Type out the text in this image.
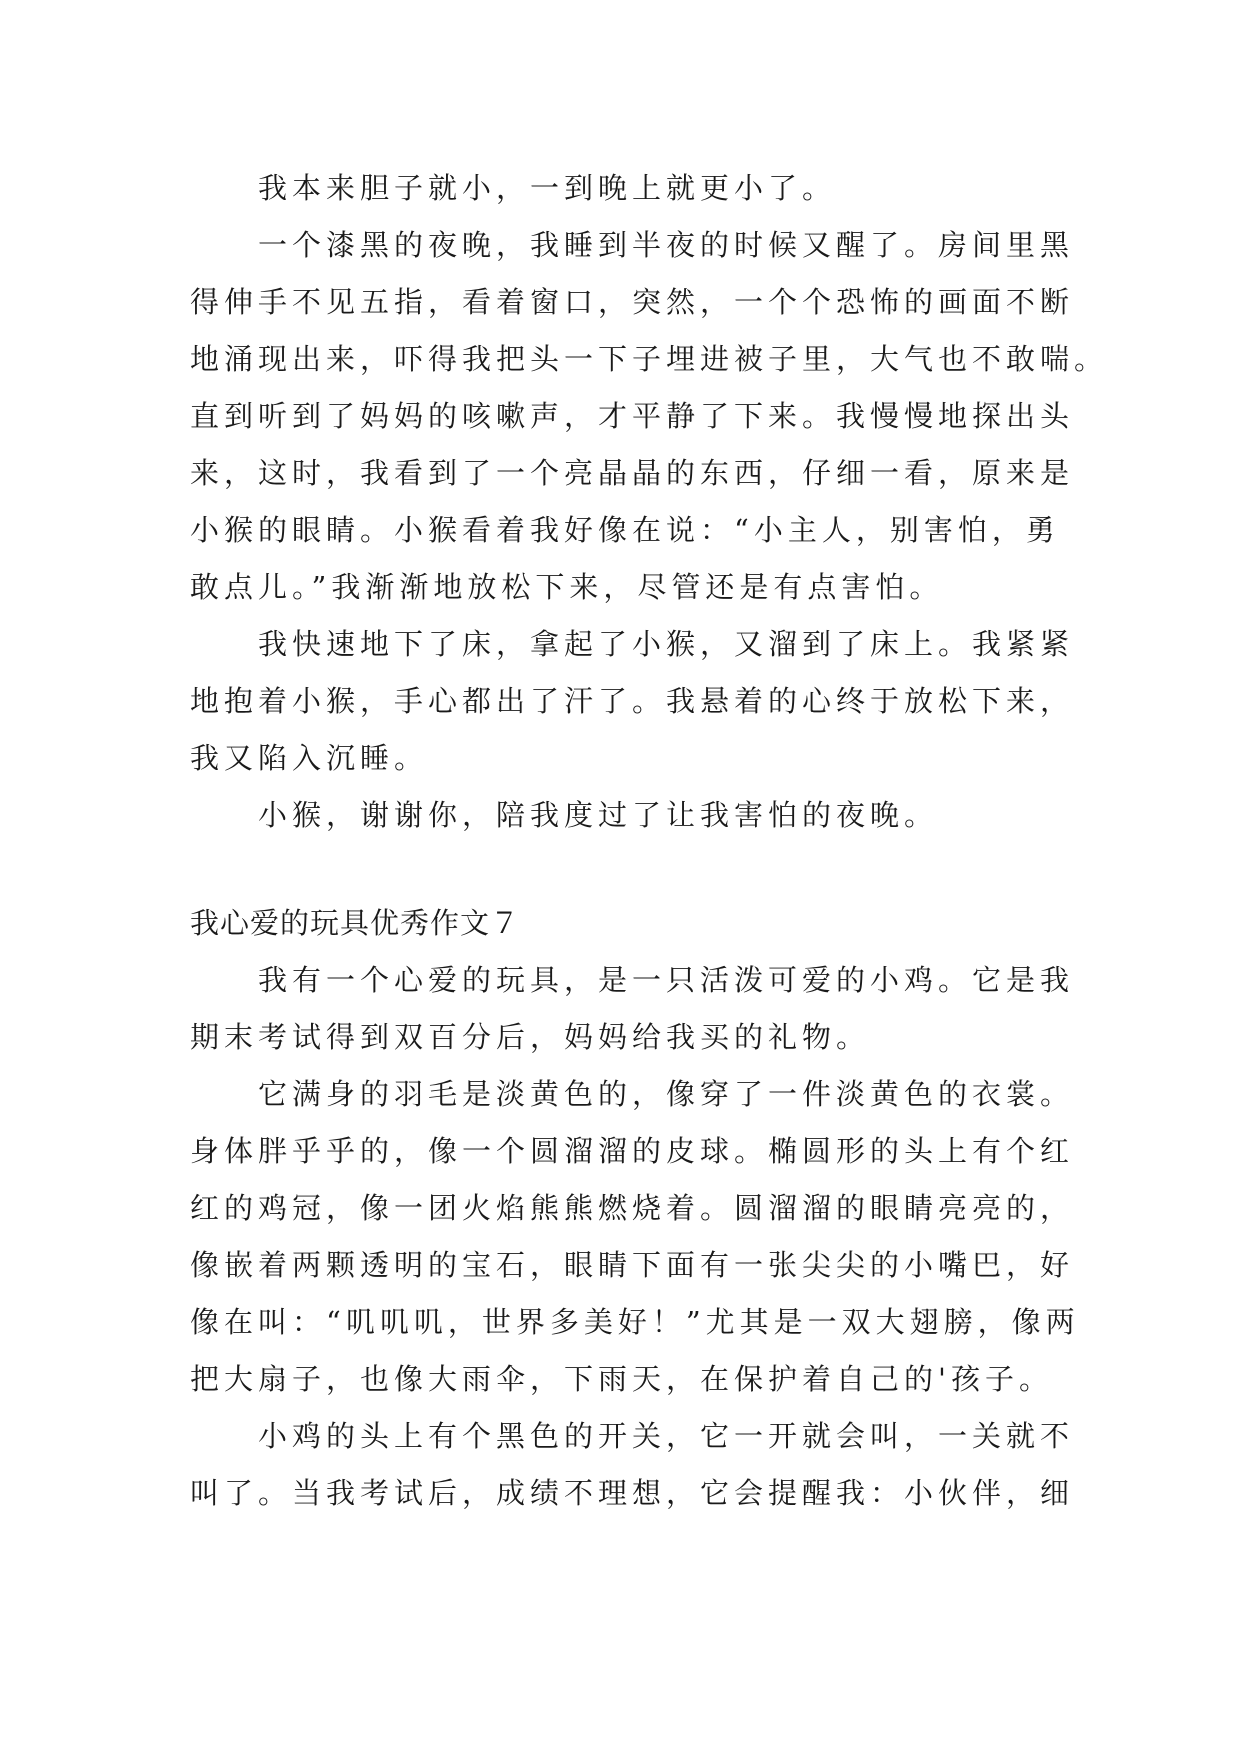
我本来胆子就小，一到晚上就更小了。
一个漆黑的夜晚，我睡到半夜的时候又醒了。房间里黑
得伸手不见五指，看着窗口，突然，一个个恐怖的画面不断
地涌现出来，吓得我把头一下子埋进被子里，大气也不敢喘。
直到听到了妈妈的咳嗽声，才平静了下来。我慢慢地探出头
来，这时，我看到了一个亮晶晶的东西，仔细一看，原来是
小猴的眼睛。小猴看着我好像在说：“小主人，别害怕，勇
敢点儿。”我渐渐地放松下来，尽管还是有点害怕。
我快速地下了床，拿起了小猴，又溜到了床上。我紧紧
地抱着小猴，手心都出了汗了。我悬着的心终于放松下来，
我又陷入沉睡。
小猴，谢谢你，陪我度过了让我害怕的夜晚。
我心爱的玩具优秀作文７
我有一个心爱的玩具，是一只活泼可爱的小鸡。它是我
期末考试得到双百分后，妈妈给我买的礼物。
它满身的羽毛是淡黄色的，像穿了一件淡黄色的衣裳。
身体胖乎乎的，像一个圆溜溜的皮球。椭圆形的头上有个红
红的鸡冠，像一团火焰熊熊燃烧着。圆溜溜的眼睛亮亮的，
像嵌着两颗透明的宝石，眼睛下面有一张尖尖的小嘴巴，好
像在叫：“叽叽叽，世界多美好！”尤其是一双大翅膀，像两
把大扇子，也像大雨伞，下雨天，在保护着自己的'孩子。
小鸡的头上有个黑色的开关，它一开就会叫，一关就不
叫了。当我考试后，成绩不理想，它会提醒我：小伙伴，细
